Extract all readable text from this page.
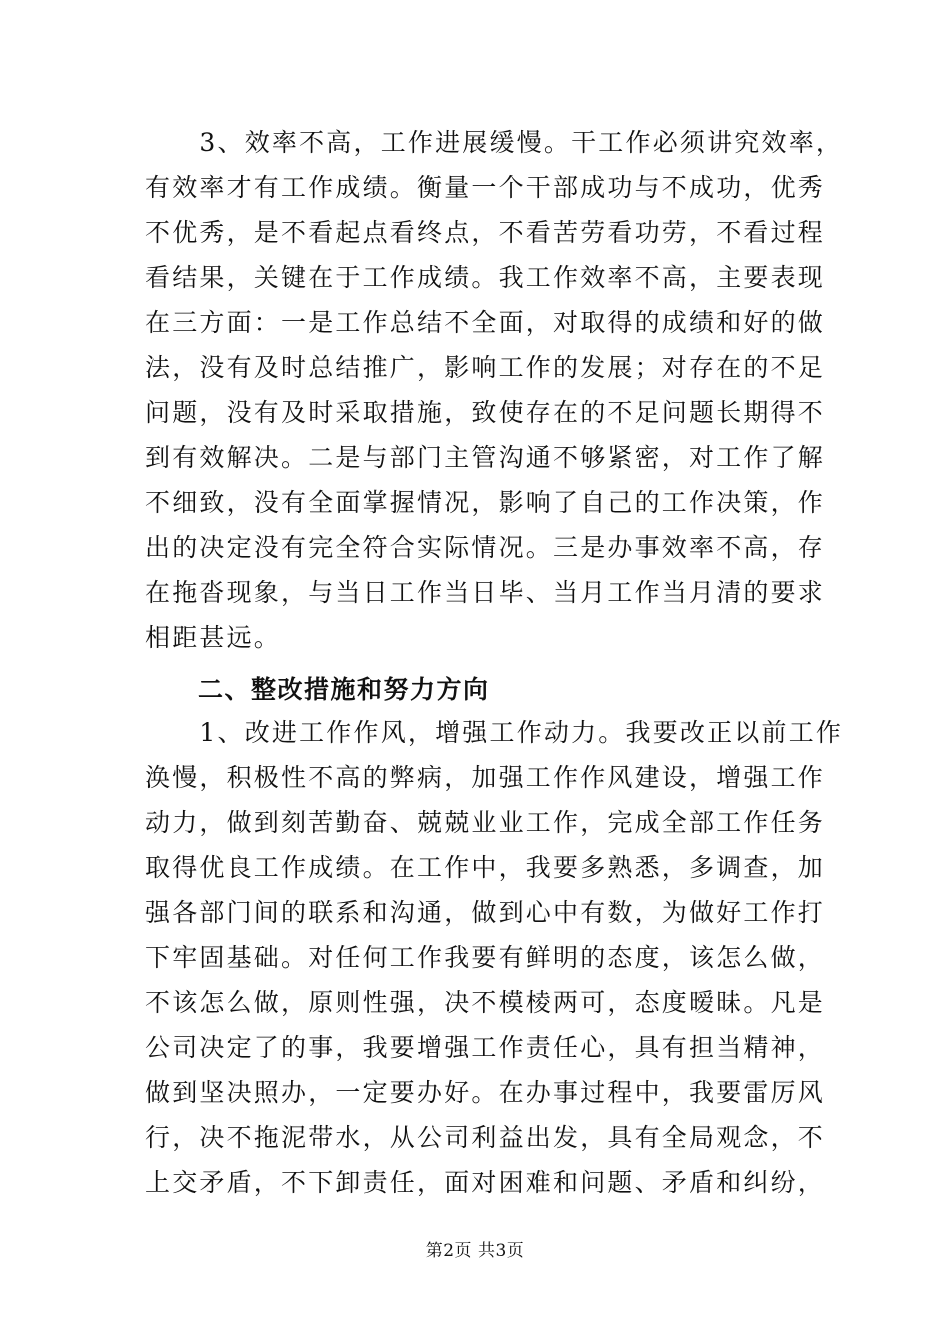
　　3、效率不高，工作进展缓慢。干工作必须讲究效率，
有效率才有工作成绩。衡量一个干部成功与不成功，优秀
不优秀，是不看起点看终点，不看苦劳看功劳，不看过程
看结果，关键在于工作成绩。我工作效率不高，主要表现
在三方面：一是工作总结不全面，对取得的成绩和好的做
法，没有及时总结推广，影响工作的发展；对存在的不足
问题，没有及时采取措施，致使存在的不足问题长期得不
到有效解决。二是与部门主管沟通不够紧密，对工作了解
不细致，没有全面掌握情况，影响了自己的工作决策，作
出的决定没有完全符合实际情况。三是办事效率不高，存
在拖沓现象，与当日工作当日毕、当月工作当月清的要求
相距甚远。
　　二、整改措施和努力方向
　　1、改进工作作风，增强工作动力。我要改正以前工作
涣慢，积极性不高的弊病，加强工作作风建设，增强工作
动力，做到刻苦勤奋、兢兢业业工作，完成全部工作任务
取得优良工作成绩。在工作中，我要多熟悉，多调查，加
强各部门间的联系和沟通，做到心中有数，为做好工作打
下牢固基础。对任何工作我要有鲜明的态度，该怎么做，
不该怎么做，原则性强，决不模棱两可，态度暧昧。凡是
公司决定了的事，我要增强工作责任心，具有担当精神，
做到坚决照办，一定要办好。在办事过程中，我要雷厉风
行，决不拖泥带水，从公司利益出发，具有全局观念，不
上交矛盾，不下卸责任，面对困难和问题、矛盾和纠纷，
第2页 共3页
